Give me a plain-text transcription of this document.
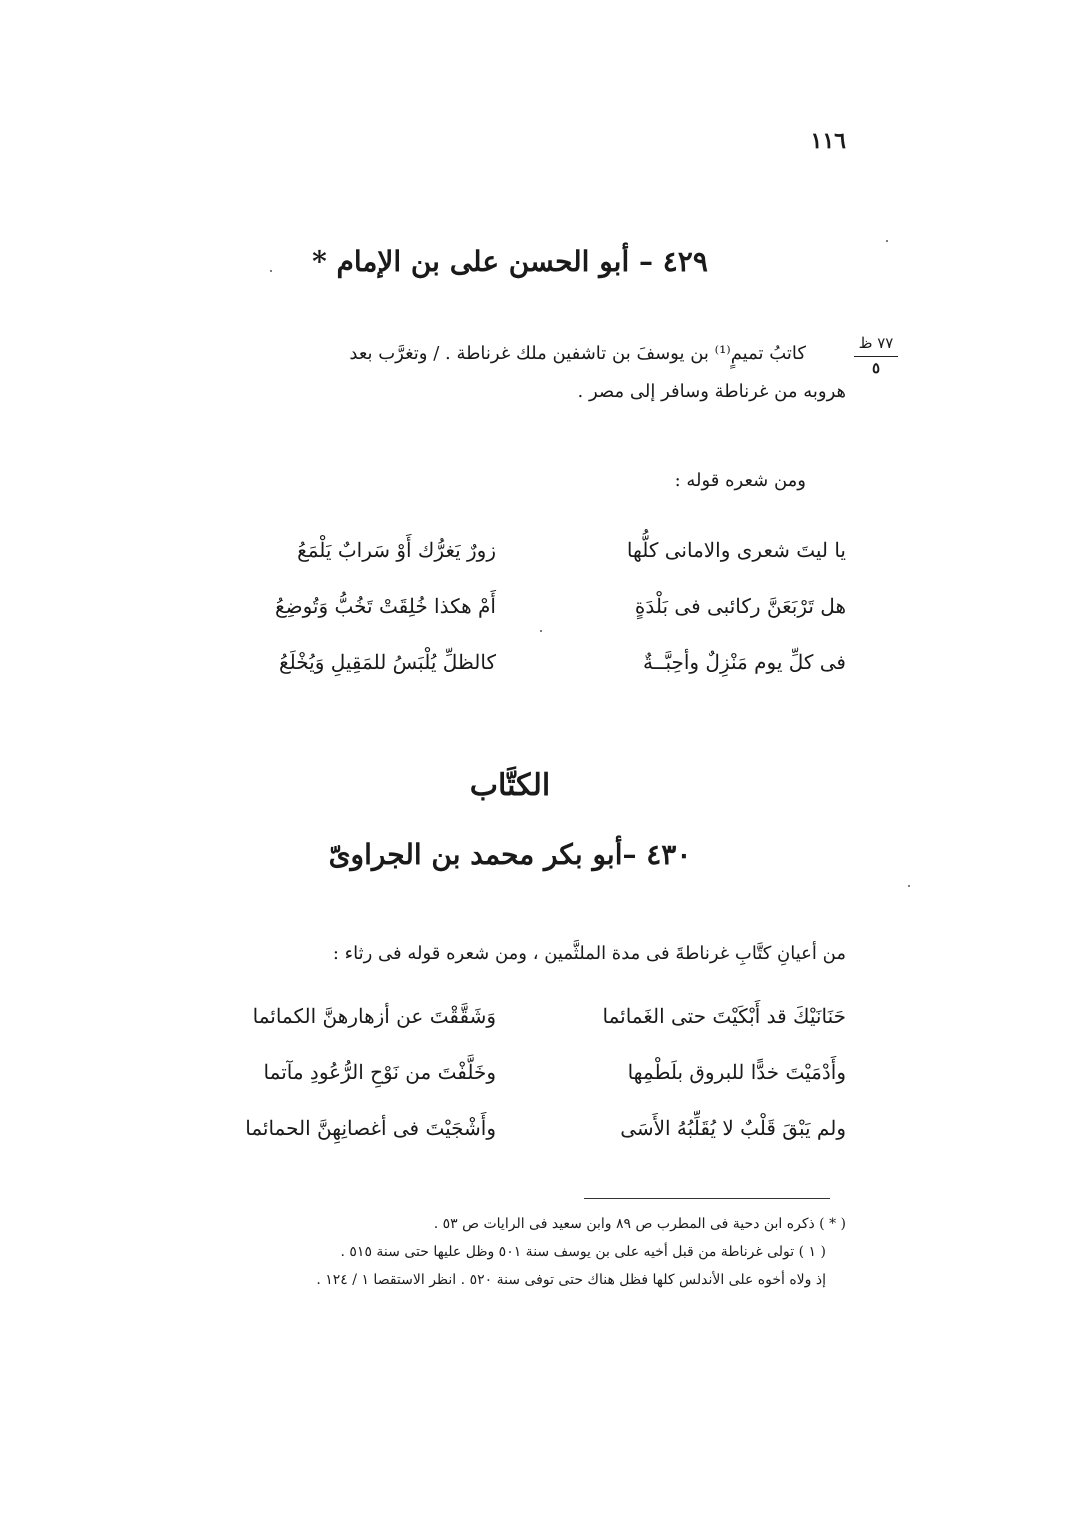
١١٦
٤٢٩ – أبو الحسن على بن الإمام *
٧٧ ظ
٥
كاتبُ تميمٍ⁽¹⁾ بن يوسفَ بن تاشفين ملك غرناطة . / وتغرَّب بعد
هروبه من غرناطة وسافر إلى مصر .
ومن شعره قوله :
يا ليتَ شعرى والامانى كلُّها
زورٌ يَغرُّك أَوْ سَرابٌ يَلْمَعُ
هل تَرْبَعَنَّ ركائبى فى بَلْدَةٍ
أَمْ هكذا خُلِقَتْ تَخُبُّ وَتُوضِعُ
فى كلِّ يوم مَنْزِلٌ وأحِبَّــةٌ
كالظلِّ يُلْبَسُ للمَقِيلِ وَيُخْلَعُ
الكتَّاب
٤٣٠ –أبو بكر محمد بن الجراوىّ
من أعيانِ كتَّابِ غرناطةَ فى مدة الملثَّمين ، ومن شعره قوله فى رثاء :
حَنَانَيْكَ قد أَبْكَيْتَ حتى الغَمائما
وَشَقَّقْتَ عن أزهارهنَّ الكمائما
وأَدْمَيْتَ خدًّا للبروق بلَطْمِها
وخَلَّفْتَ من نَوْحِ الرُّعُودِ مآتما
ولم يَبْقَ قَلْبٌ لا يُقَلِّبُهُ الأَسَى
وأَشْجَيْتَ فى أغصانِهِنَّ الحمائما
( * ) ذكره ابن دحية فى المطرب ص ٨٩ وابن سعيد فى الرايات ص ٥٣ .
( ١ ) تولى غرناطة من قبل أخيه على بن يوسف سنة ٥٠١ وظل عليها حتى سنة ٥١٥ .
إذ ولاه أخوه على الأندلس كلها فظل هناك حتى توفى سنة ٥٢٠ . انظر الاستقصا ١ / ١٢٤ .
